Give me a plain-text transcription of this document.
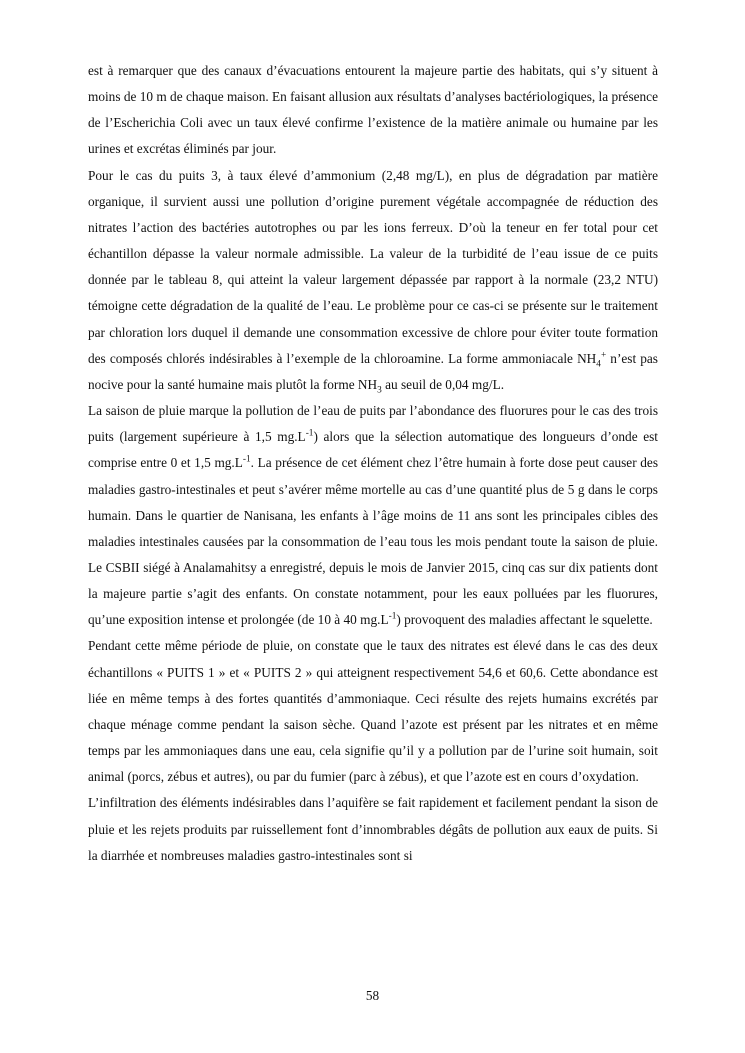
est à remarquer que des canaux d’évacuations entourent la majeure partie des habitats, qui s’y situent à moins de 10 m de chaque maison. En faisant allusion aux résultats d’analyses bactériologiques, la présence de l’Escherichia Coli avec un taux élevé confirme l’existence de la matière animale ou humaine par les urines et excrétas éliminés par jour.

Pour le cas du puits 3, à taux élevé d’ammonium (2,48 mg/L), en plus de dégradation par matière organique, il survient aussi une pollution d’origine purement végétale accompagnée de réduction des nitrates l’action des bactéries autotrophes ou par les ions ferreux. D’où la teneur en fer total pour cet échantillon dépasse la valeur normale admissible. La valeur de la turbidité de l’eau issue de ce puits donnée par le tableau 8, qui atteint la valeur largement dépassée par rapport à la normale (23,2 NTU) témoigne cette dégradation de la qualité de l’eau. Le problème pour ce cas-ci se présente sur le traitement par chloration lors duquel il demande une consommation excessive de chlore pour éviter toute formation des composés chlorés indésirables à l’exemple de la chloroamine. La forme ammoniacale $NH_4^+$ n’est pas nocive pour la santé humaine mais plutôt la forme $NH_3$ au seuil de 0,04 mg/L.

La saison de pluie marque la pollution de l’eau de puits par l’abondance des fluorures pour le cas des trois puits (largement supérieure à 1,5 $mg.L^{-1}$) alors que la sélection automatique des longueurs d’onde est comprise entre 0 et 1,5 $mg.L^{-1}$. La présence de cet élément chez l’être humain à forte dose peut causer des maladies gastro-intestinales et peut s’avérer même mortelle au cas d’une quantité plus de 5 g dans le corps humain. Dans le quartier de Nanisana, les enfants à l’âge moins de 11 ans sont les principales cibles des maladies intestinales causées par la consommation de l’eau tous les mois pendant toute la saison de pluie. Le CSBII siégé à Analamahitsy a enregistré, depuis le mois de Janvier 2015, cinq cas sur dix patients dont la majeure partie s’agit des enfants. On constate notamment, pour les eaux polluées par les fluorures, qu’une exposition intense et prolongée (de 10 à 40 $mg.L^{-1}$) provoquent des maladies affectant le squelette.

Pendant cette même période de pluie, on constate que le taux des nitrates est élevé dans le cas des deux échantillons « PUITS 1 » et « PUITS 2 » qui atteignent respectivement 54,6 et 60,6. Cette abondance est liée en même temps à des fortes quantités d’ammoniaque. Ceci résulte des rejets humains excrétés par chaque ménage comme pendant la saison sèche. Quand l’azote est présent par les nitrates et en même temps par les ammoniaques dans une eau, cela signifie qu’il y a pollution par de l’urine soit humain, soit animal (porcs, zébus et autres), ou par du fumier (parc à zébus), et que l’azote est en cours d’oxydation.

L’infiltration des éléments indésirables dans l’aquifère se fait rapidement et facilement pendant la sison de pluie et les rejets produits par ruissellement font d’innombrables dégâts de pollution aux eaux de puits. Si la diarrhée et nombreuses maladies gastro-intestinales sont si

58
